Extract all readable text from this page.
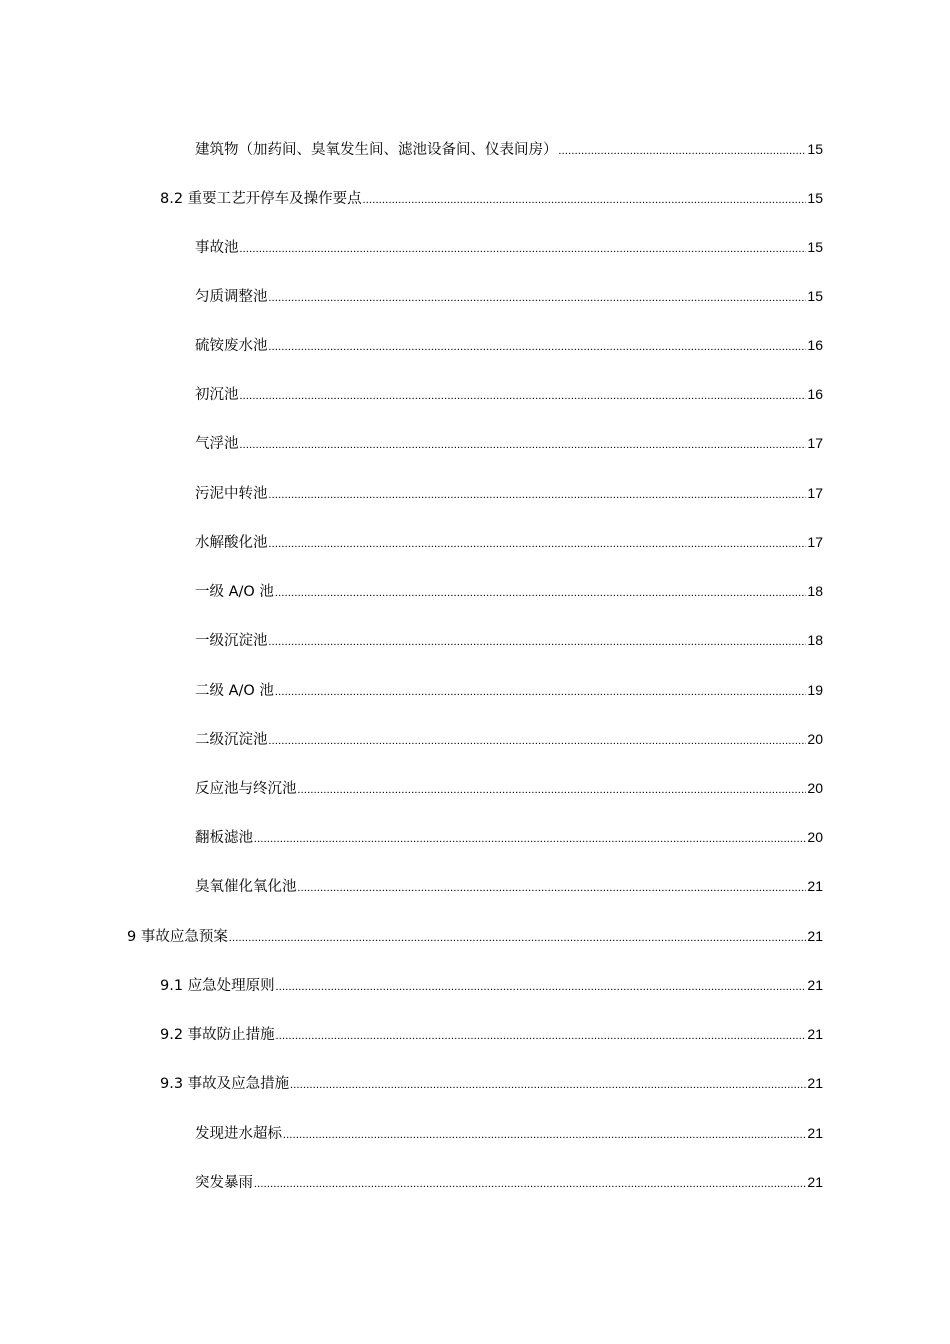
建筑物（加药间、臭氧发生间、滤池设备间、仪表间房） .....	15
8.2 重要工艺开停车及操作要点 .....	15
事故池 .....	15
匀质调整池 .....	15
硫铵废水池 .....	16
初沉池 .....	16
气浮池 .....	17
污泥中转池 .....	17
水解酸化池 .....	17
一级 A/O 池 .....	18
一级沉淀池 .....	18
二级 A/O 池 .....	19
二级沉淀池 .....	20
反应池与终沉池 .....	20
翻板滤池 .....	20
臭氧催化氧化池 .....	21
9 事故应急预案 .....	21
9.1 应急处理原则 .....	21
9.2 事故防止措施 .....	21
9.3 事故及应急措施 .....	21
发现进水超标 .....	21
突发暴雨 .....	21
